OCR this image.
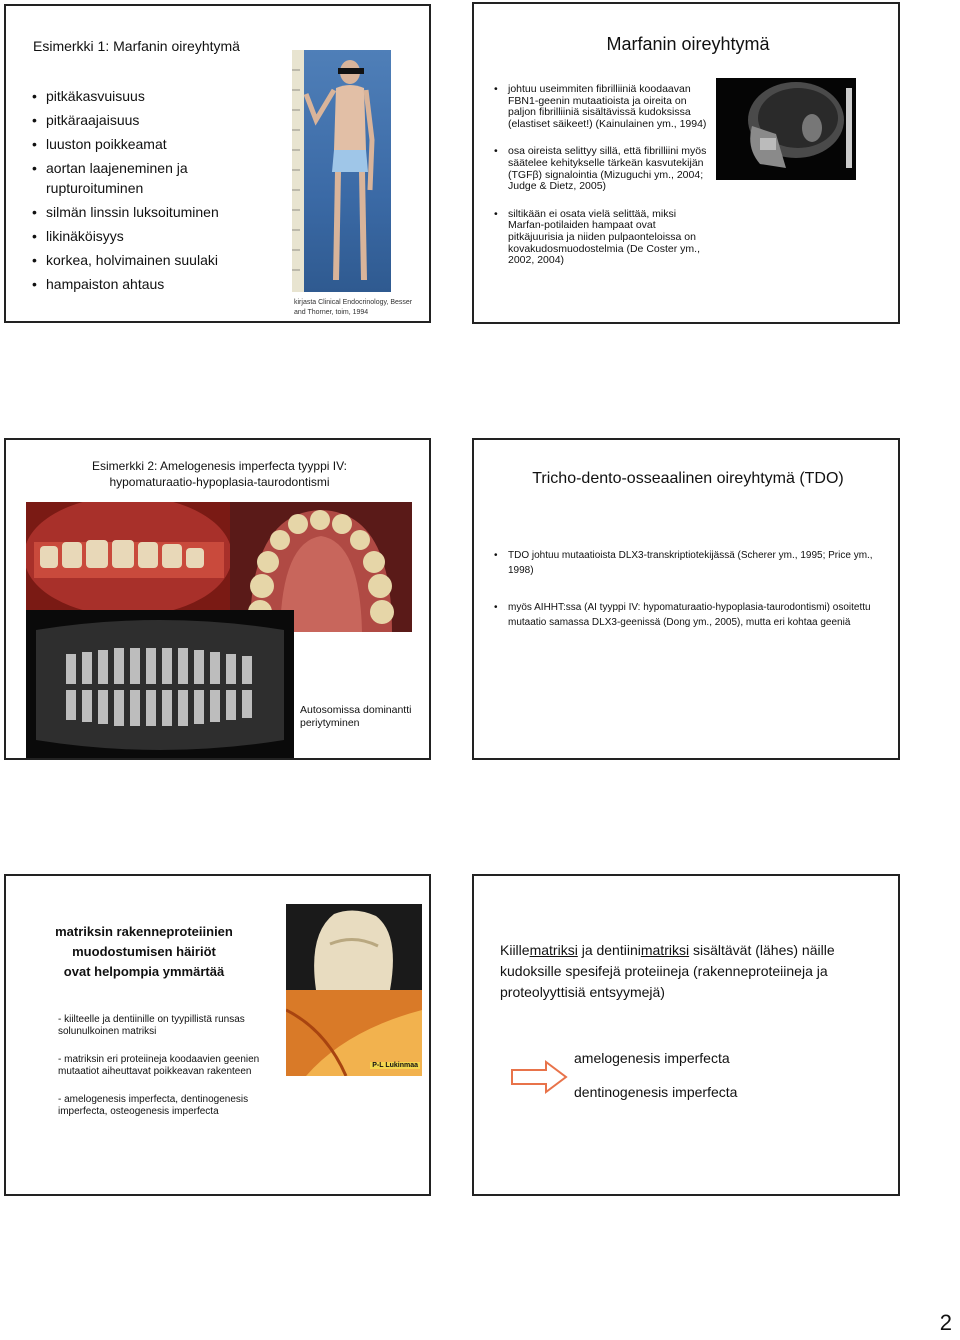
Esimerkki 1: Marfanin oireyhtymä
• pitkäkasvuisuus
• pitkäraajaisuus
• luuston poikkeamat
• aortan laajeneminen ja rupturoituminen
• silmän linssin luksoituminen
• likinäköisyys
• korkea, holvimainen suulaki
• hampaiston ahtaus
kirjasta Clinical Endocrinology, Besser and Thorner, toim, 1994
Marfanin oireyhtymä
• johtuu useimmiten fibrilliiniä koodaavan FBN1-geenin mutaatioista ja oireita on paljon fibrilliiniä sisältävissä kudoksissa (elastiset säikeet!) (Kainulainen ym., 1994)
• osa oireista selittyy sillä, että fibrilliini myös säätelee kehitykselle tärkeän kasvutekijän (TGFβ) signalointia (Mizuguchi ym., 2004; Judge & Dietz, 2005)
• siltikään ei osata vielä selittää, miksi Marfan-potilaiden hampaat ovat pitkäjuurisia ja niiden pulpaonteloissa on kovakudosmuodostelmia (De Coster ym., 2002, 2004)
Esimerkki 2: Amelogenesis imperfecta tyyppi IV:
hypomaturaatio-hypoplasia-taurodontismi
Autosomissa dominantti periytyminen
Tricho-dento-osseaalinen oireyhtymä (TDO)
• TDO johtuu mutaatioista DLX3-transkriptiotekijässä (Scherer ym., 1995; Price ym., 1998)
• myös AIHHT:ssa (AI tyyppi IV: hypomaturaatio-hypoplasia-taurodontismi) osoitettu mutaatio samassa DLX3-geenissä (Dong ym., 2005), mutta eri kohtaa geeniä
matriksin rakenneproteiinien
muodostumisen häiriöt
ovat helpompia ymmärtää
- kiilteelle ja dentiinille on tyypillistä runsas solunulkoinen matriksi
- matriksin eri proteiineja koodaavien geenien mutaatiot aiheuttavat poikkeavan rakenteen
- amelogenesis imperfecta, dentinogenesis imperfecta, osteogenesis imperfecta
P-L Lukinmaa
Kiillematriksi ja dentiinimatriksi sisältävät (lähes) näille kudoksille spesifejä proteiineja (rakenneproteiineja ja proteolyyttisiä entsyymejä)
amelogenesis imperfecta
dentinogenesis imperfecta
2
